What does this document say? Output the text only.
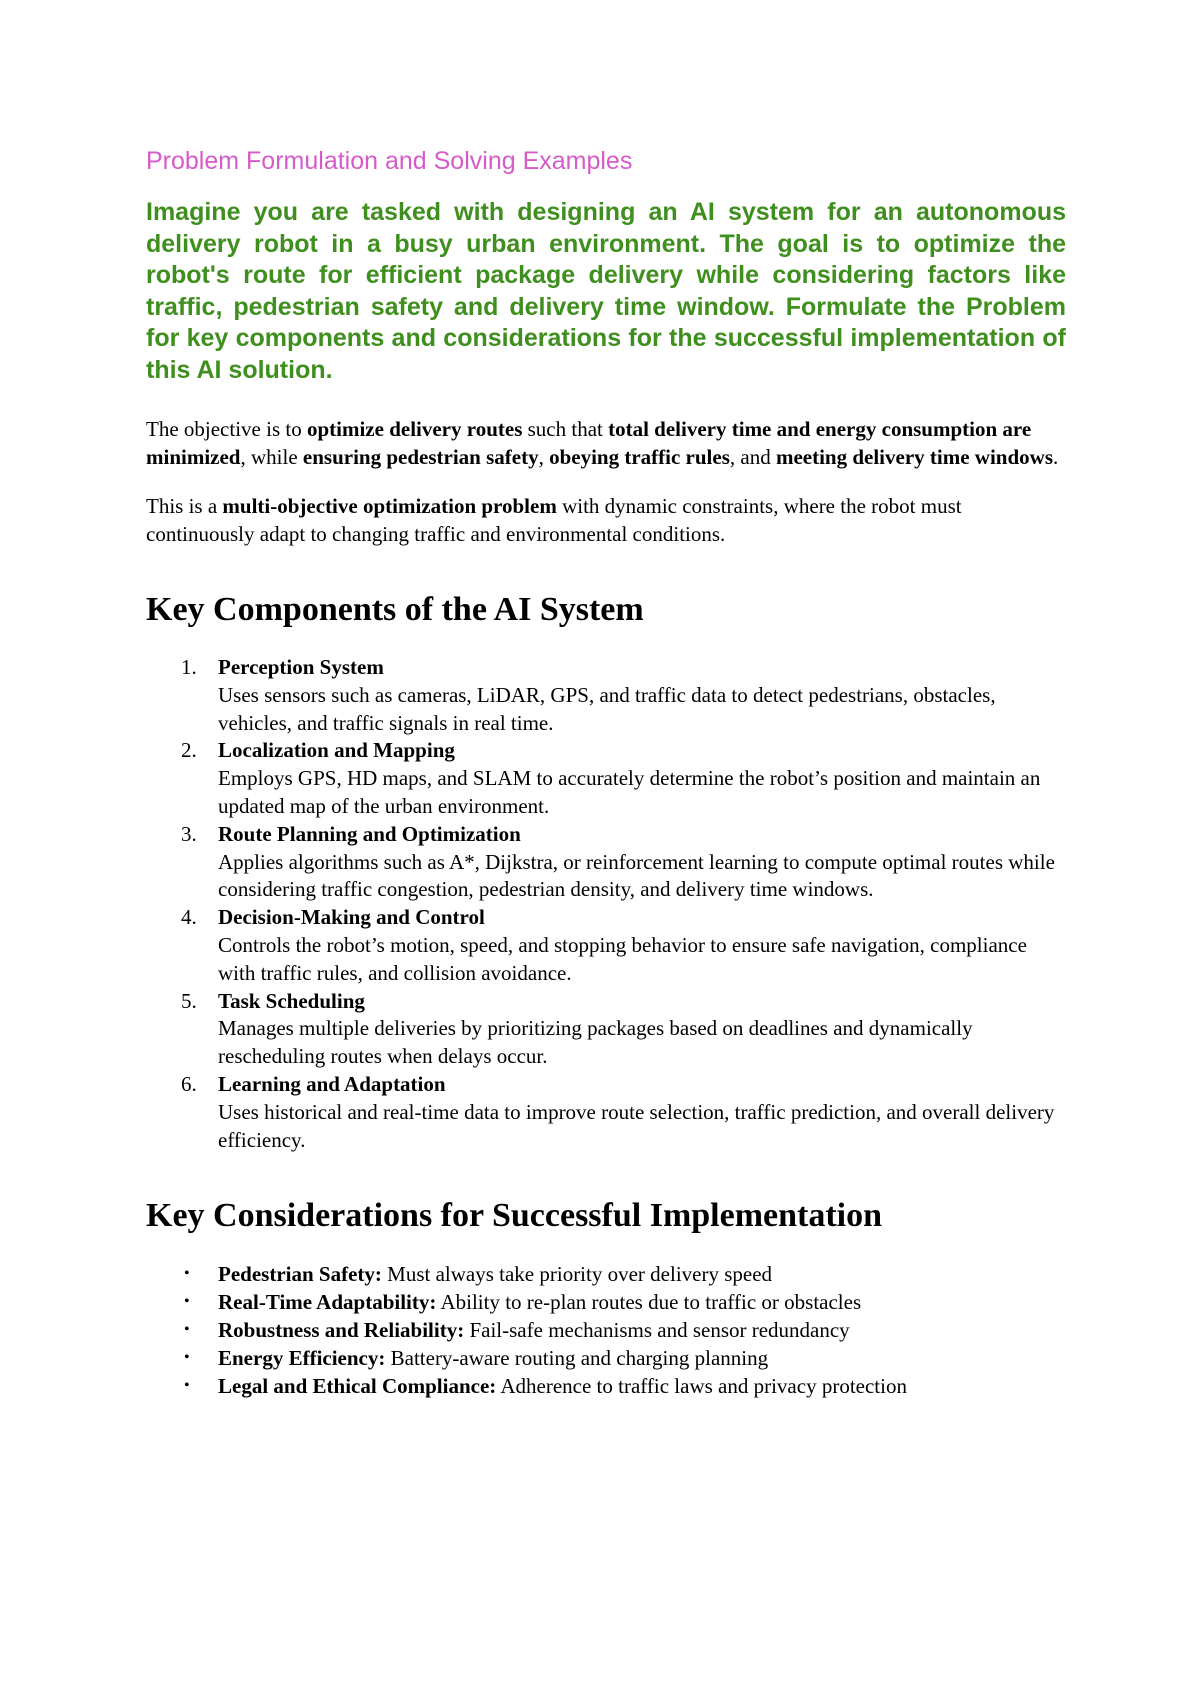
Problem Formulation and Solving Examples

Imagine you are tasked with designing an AI system for an autonomous delivery robot in a busy urban environment. The goal is to optimize the robot's route for efficient package delivery while considering factors like traffic, pedestrian safety and delivery time window. Formulate the Problem for key components and considerations for the successful implementation of this AI solution.

The objective is to optimize delivery routes such that total delivery time and energy consumption are minimized, while ensuring pedestrian safety, obeying traffic rules, and meeting delivery time windows.

This is a multi-objective optimization problem with dynamic constraints, where the robot must continuously adapt to changing traffic and environmental conditions.

Key Components of the AI System
1. Perception System
Uses sensors such as cameras, LiDAR, GPS, and traffic data to detect pedestrians, obstacles, vehicles, and traffic signals in real time.
2. Localization and Mapping
Employs GPS, HD maps, and SLAM to accurately determine the robot’s position and maintain an updated map of the urban environment.
3. Route Planning and Optimization
Applies algorithms such as A*, Dijkstra, or reinforcement learning to compute optimal routes while considering traffic congestion, pedestrian density, and delivery time windows.
4. Decision-Making and Control
Controls the robot’s motion, speed, and stopping behavior to ensure safe navigation, compliance with traffic rules, and collision avoidance.
5. Task Scheduling
Manages multiple deliveries by prioritizing packages based on deadlines and dynamically rescheduling routes when delays occur.
6. Learning and Adaptation
Uses historical and real-time data to improve route selection, traffic prediction, and overall delivery efficiency.
Key Considerations for Successful Implementation
• Pedestrian Safety: Must always take priority over delivery speed
• Real-Time Adaptability: Ability to re-plan routes due to traffic or obstacles
• Robustness and Reliability: Fail-safe mechanisms and sensor redundancy
• Energy Efficiency: Battery-aware routing and charging planning
• Legal and Ethical Compliance: Adherence to traffic laws and privacy protection
